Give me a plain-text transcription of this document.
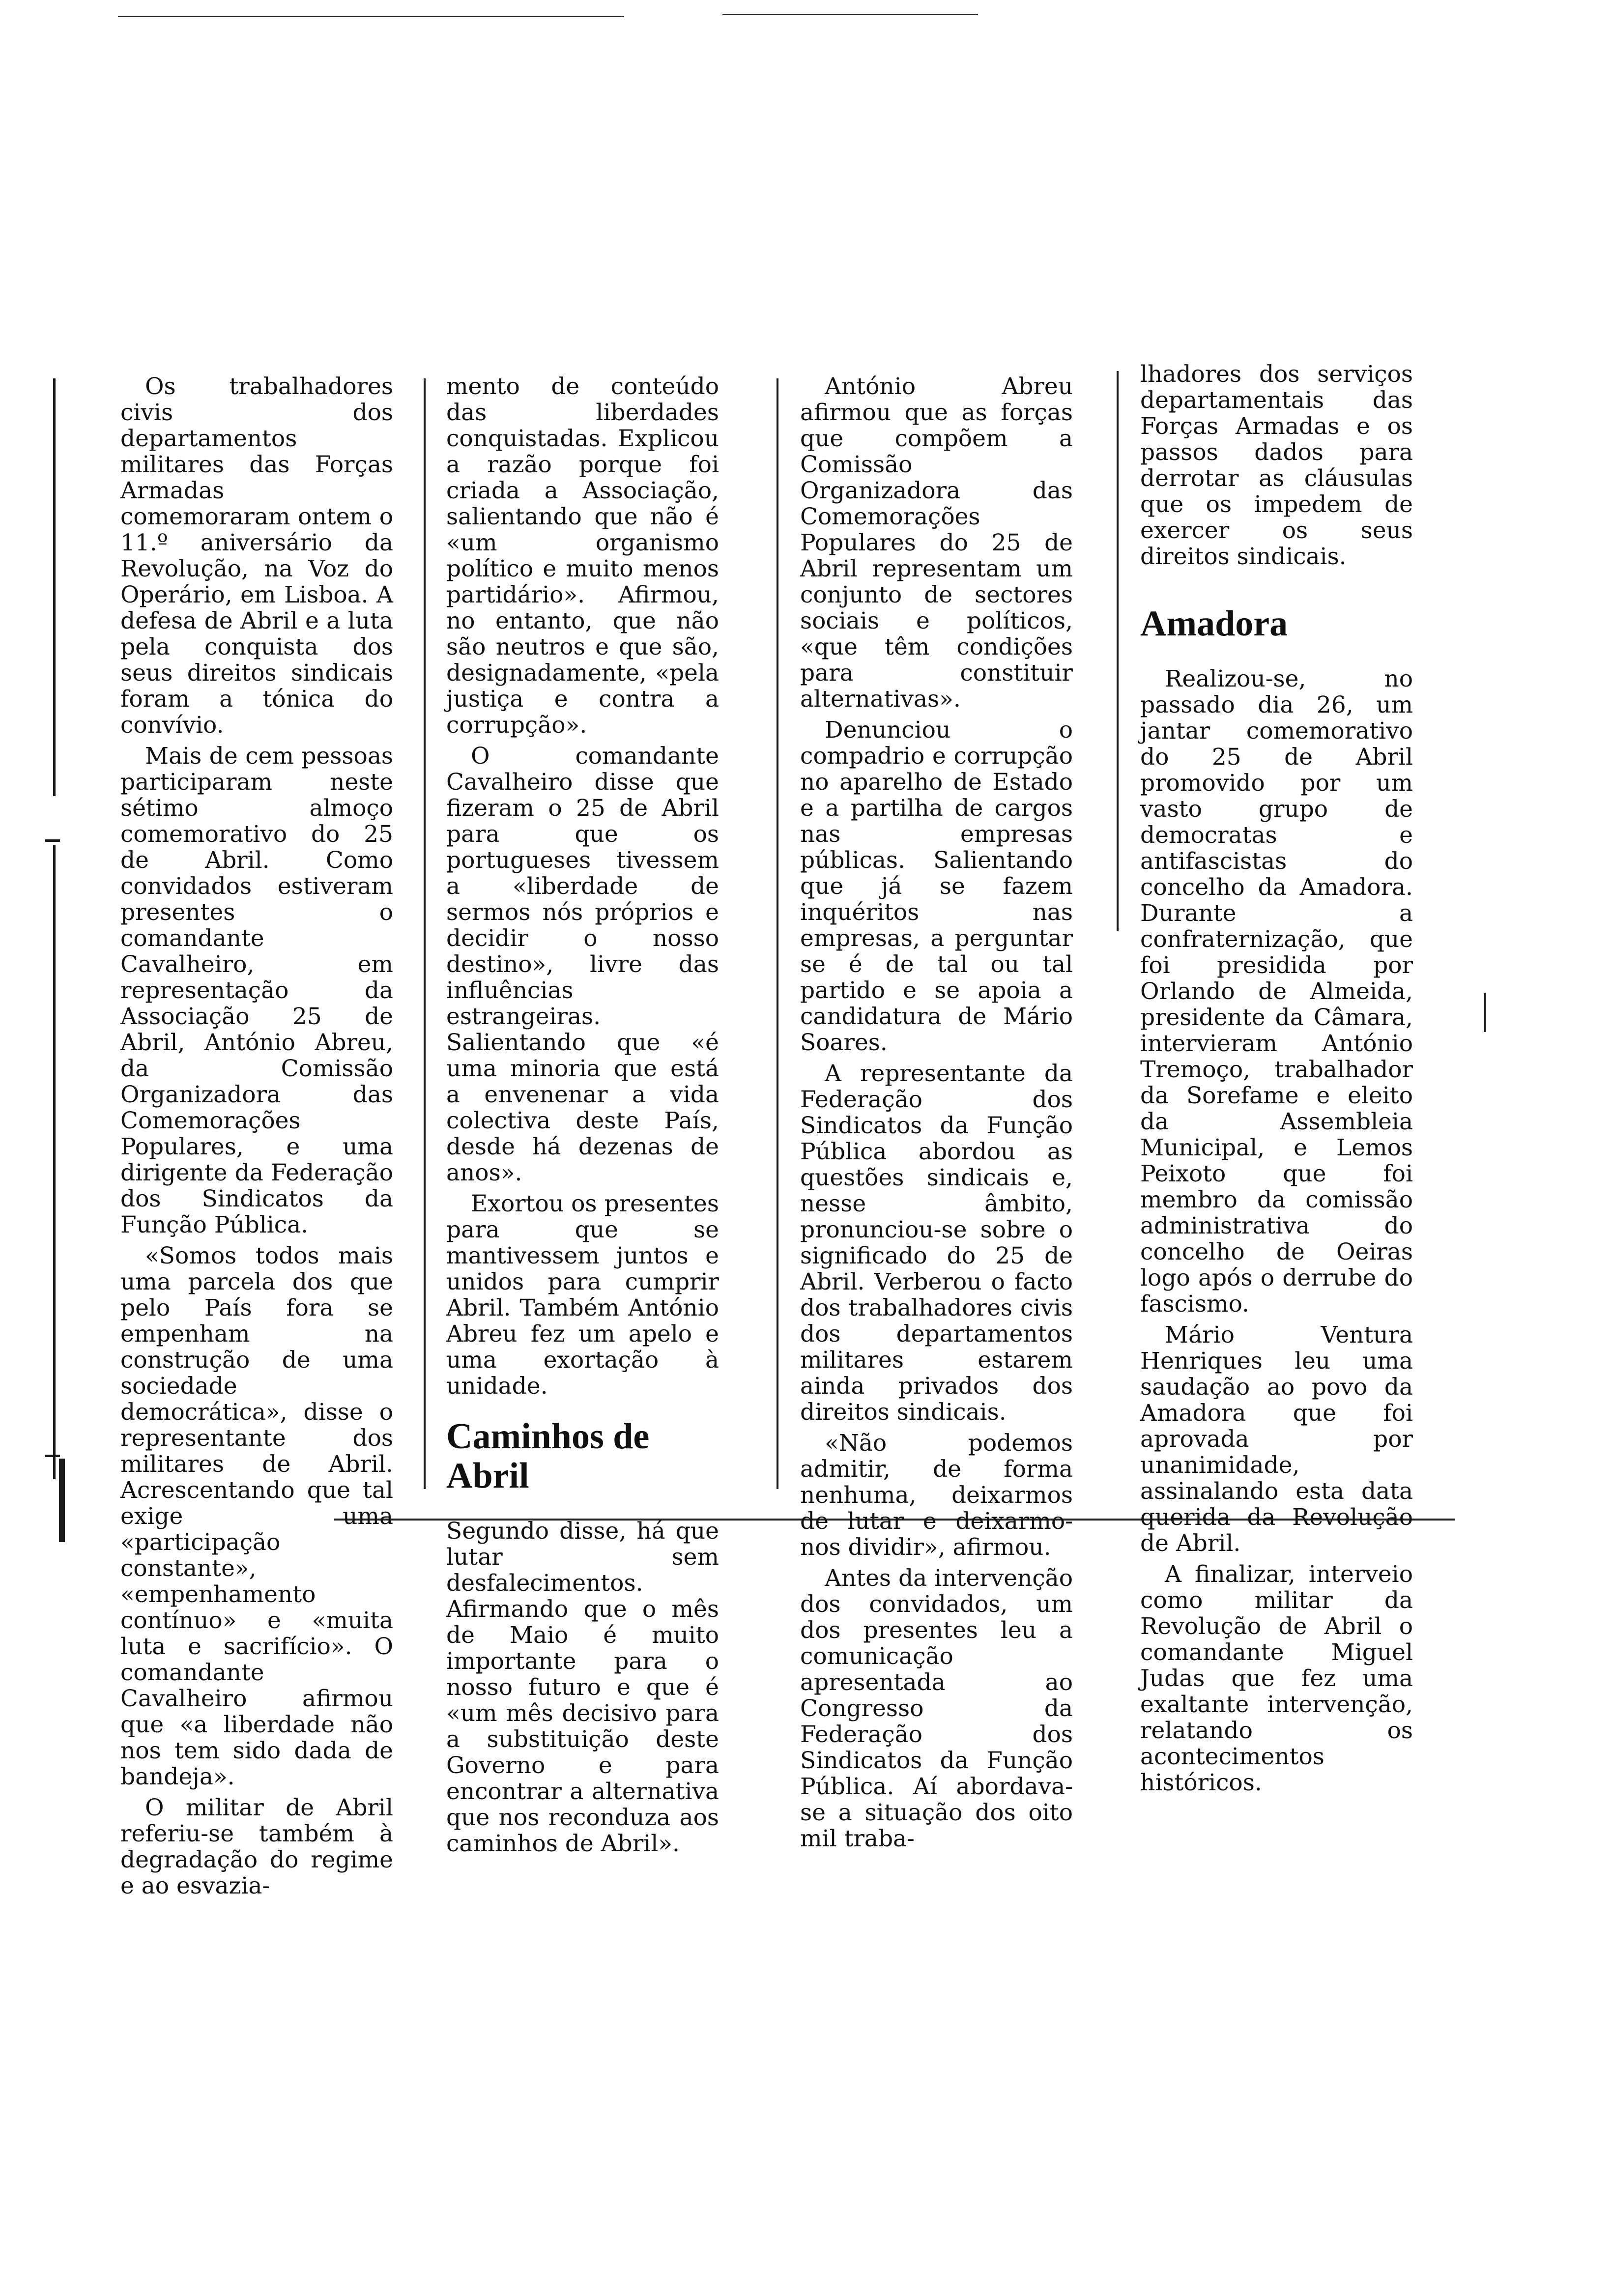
Os trabalhadores civis dos departamentos militares das Forças Armadas comemoraram ontem o 11.º aniversário da Revolução, na Voz do Operário, em Lisboa. A defesa de Abril e a luta pela conquista dos seus direitos sindicais foram a tónica do convívio.

Mais de cem pessoas participaram neste sétimo almoço comemorativo do 25 de Abril. Como convidados estiveram presentes o comandante Cavalheiro, em representação da Associação 25 de Abril, António Abreu, da Comissão Organizadora das Comemorações Populares, e uma dirigente da Federação dos Sindicatos da Função Pública.

«Somos todos mais uma parcela dos que pelo País fora se empenham na construção de uma sociedade democrática», disse o representante dos militares de Abril. Acrescentando que tal exige uma «participação constante», «empenhamento contínuo» e «muita luta e sacrifício». O comandante Cavalheiro afirmou que «a liberdade não nos tem sido dada de bandeja».

O militar de Abril referiu-se também à degradação do regime e ao esvazia-

mento de conteúdo das liberdades conquistadas. Explicou a razão porque foi criada a Associação, salientando que não é «um organismo político e muito menos partidário». Afirmou, no entanto, que não são neutros e que são, designadamente, «pela justiça e contra a corrupção».

O comandante Cavalheiro disse que fizeram o 25 de Abril para que os portugueses tivessem a «liberdade de sermos nós próprios e decidir o nosso destino», livre das influências estrangeiras. Salientando que «é uma minoria que está a envenenar a vida colectiva deste País, desde há dezenas de anos».

Exortou os presentes para que se mantivessem juntos e unidos para cumprir Abril. Também António Abreu fez um apelo e uma exortação à unidade.

Caminhos de Abril

Segundo disse, há que lutar sem desfalecimentos. Afirmando que o mês de Maio é muito importante para o nosso futuro e que é «um mês decisivo para a substituição deste Governo e para encontrar a alternativa que nos reconduza aos caminhos de Abril».

António Abreu afirmou que as forças que compõem a Comissão Organizadora das Comemorações Populares do 25 de Abril representam um conjunto de sectores sociais e políticos, «que têm condições para constituir alternativas».

Denunciou o compadrio e corrupção no aparelho de Estado e a partilha de cargos nas empresas públicas. Salientando que já se fazem inquéritos nas empresas, a perguntar se é de tal ou tal partido e se apoia a candidatura de Mário Soares.

A representante da Federação dos Sindicatos da Função Pública abordou as questões sindicais e, nesse âmbito, pronunciou-se sobre o significado do 25 de Abril. Verberou o facto dos trabalhadores civis dos departamentos militares estarem ainda privados dos direitos sindicais.

«Não podemos admitir, de forma nenhuma, deixarmos de lutar e deixarmo-nos dividir», afirmou.

Antes da intervenção dos convidados, um dos presentes leu a comunicação apresentada ao Congresso da Federação dos Sindicatos da Função Pública. Aí abordava-se a situação dos oito mil traba-

lhadores dos serviços departamentais das Forças Armadas e os passos dados para derrotar as cláusulas que os impedem de exercer os seus direitos sindicais.

Amadora

Realizou-se, no passado dia 26, um jantar comemorativo do 25 de Abril promovido por um vasto grupo de democratas e antifascistas do concelho da Amadora. Durante a confraternização, que foi presidida por Orlando de Almeida, presidente da Câmara, intervieram António Tremoço, trabalhador da Sorefame e eleito da Assembleia Municipal, e Lemos Peixoto que foi membro da comissão administrativa do concelho de Oeiras logo após o derrube do fascismo.

Mário Ventura Henriques leu uma saudação ao povo da Amadora que foi aprovada por unanimidade, assinalando esta data querida da Revolução de Abril.

A finalizar, interveio como militar da Revolução de Abril o comandante Miguel Judas que fez uma exaltante intervenção, relatando os acontecimentos históricos.
